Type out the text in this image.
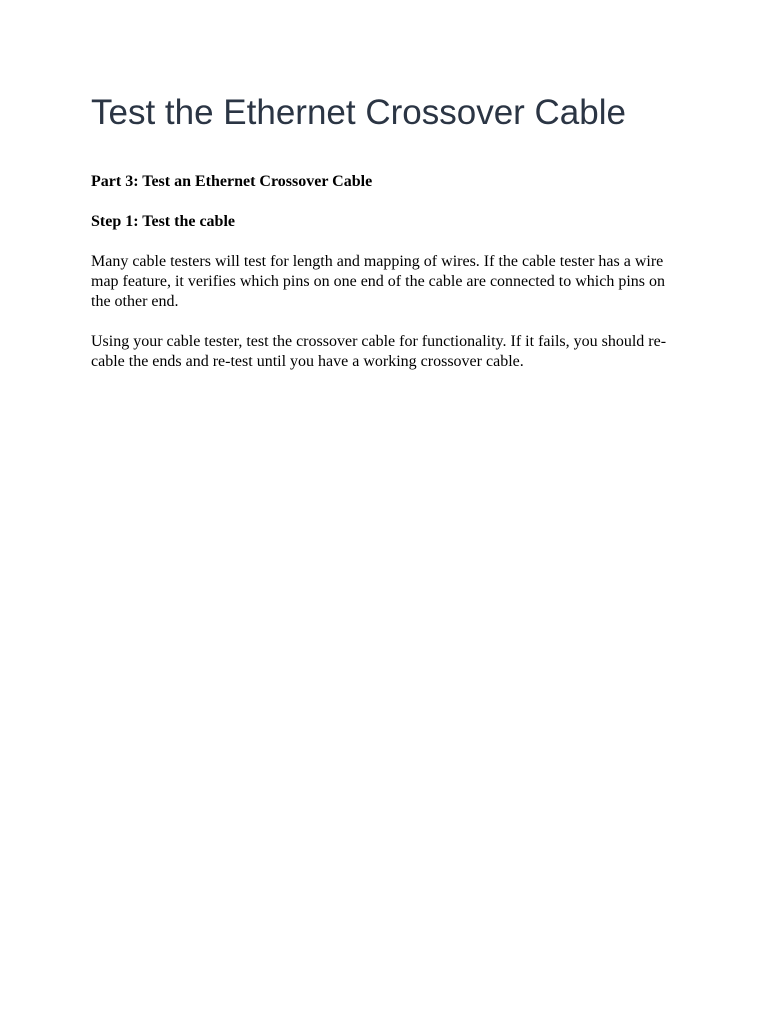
Test the Ethernet Crossover Cable
Part 3: Test an Ethernet Crossover Cable
Step 1: Test the cable

Many cable testers will test for length and mapping of wires. If the cable tester has a wire map feature, it verifies which pins on one end of the cable are connected to which pins on the other end.

Using your cable tester, test the crossover cable for functionality. If it fails, you should re-cable the ends and re-test until you have a working crossover cable.
